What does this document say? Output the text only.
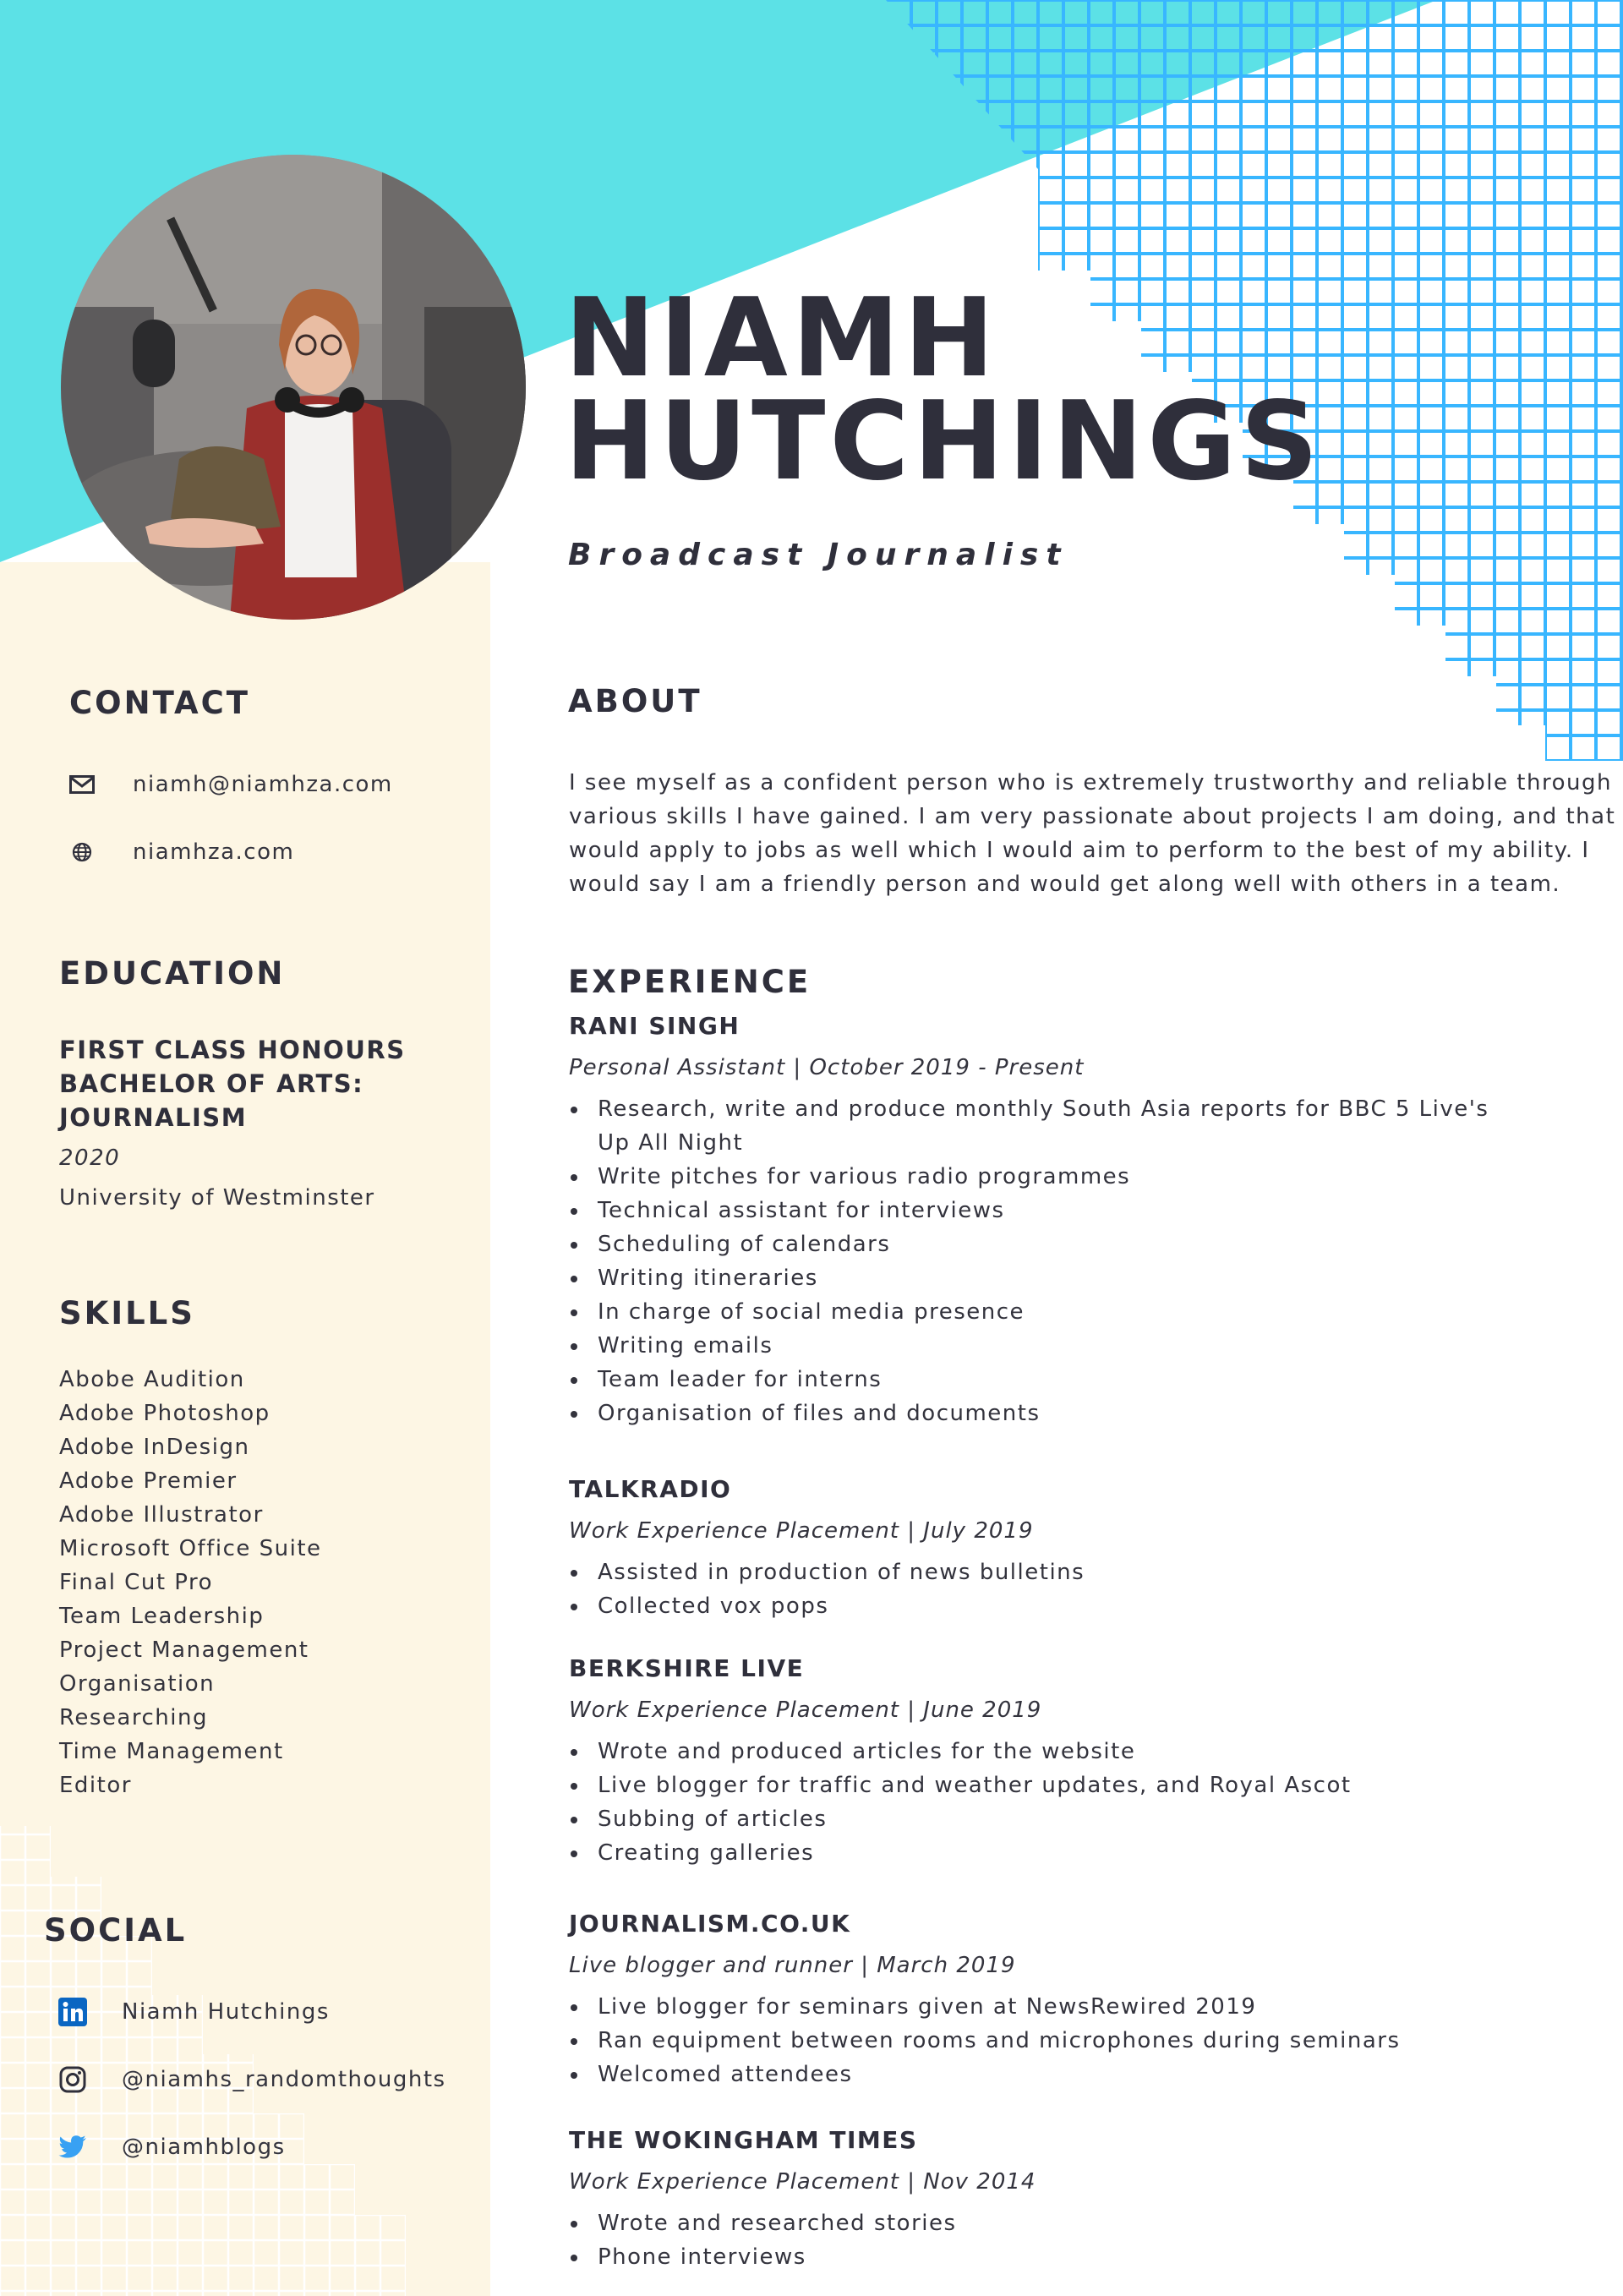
NIAMH
HUTCHINGS
Broadcast Journalist
CONTACT
niamh@niamhza.com
niamhza.com
EDUCATION
FIRST CLASS HONOURS
BACHELOR OF ARTS:
JOURNALISM
2020
University of Westminster
SKILLS
Abobe Audition
Adobe Photoshop
Adobe InDesign
Adobe Premier
Adobe Illustrator
Microsoft Office Suite
Final Cut Pro
Team Leadership
Project Management
Organisation
Researching
Time Management
Editor
SOCIAL
Niamh Hutchings
@niamhs_randomthoughts
@niamhblogs
ABOUT
I see myself as a confident person who is extremely trustworthy and reliable through
various skills I have gained. I am very passionate about projects I am doing, and that
would apply to jobs as well which I would aim to perform to the best of my ability. I
would say I am a friendly person and would get along well with others in a team.
EXPERIENCE
RANI SINGH
Personal Assistant | October 2019 - Present
Research, write and produce monthly South Asia reports for BBC 5 Live's Up All Night
Write pitches for various radio programmes
Technical assistant for interviews
Scheduling of calendars
Writing itineraries
In charge of social media presence
Writing emails
Team leader for interns
Organisation of files and documents
TALKRADIO
Work Experience Placement | July 2019
Assisted in production of news bulletins
Collected vox pops
BERKSHIRE LIVE
Work Experience Placement | June 2019
Wrote and produced articles for the website
Live blogger for traffic and weather updates, and Royal Ascot
Subbing of articles
Creating galleries
JOURNALISM.CO.UK
Live blogger and runner | March 2019
Live blogger for seminars given at NewsRewired 2019
Ran equipment between rooms and microphones during seminars
Welcomed attendees
THE WOKINGHAM TIMES
Work Experience Placement | Nov 2014
Wrote and researched stories
Phone interviews
